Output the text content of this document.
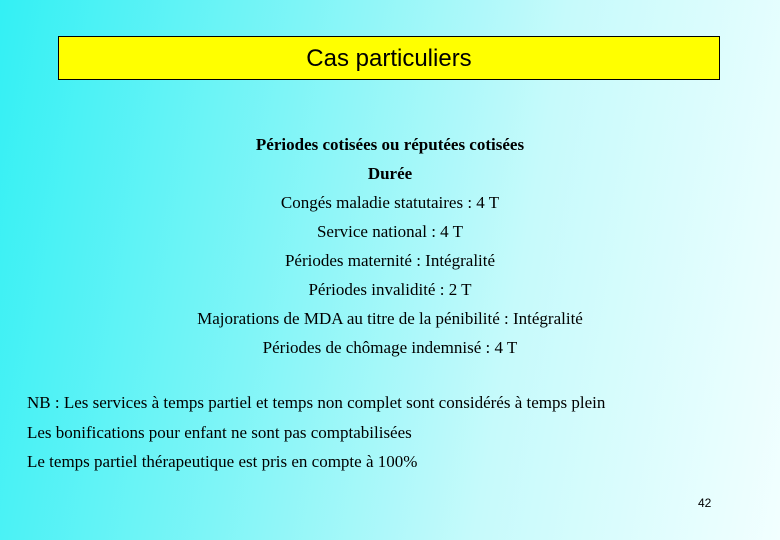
Cas particuliers
Périodes cotisées ou réputées cotisées
Durée
Congés maladie statutaires : 4 T
Service national : 4 T
Périodes maternité : Intégralité
Périodes invalidité : 2 T
Majorations de MDA au titre de la pénibilité : Intégralité
Périodes de chômage indemnisé : 4 T
NB : Les services à temps partiel et temps non complet sont considérés à temps plein
Les bonifications pour enfant ne sont pas comptabilisées
Le temps partiel thérapeutique est pris en compte à 100%
42
